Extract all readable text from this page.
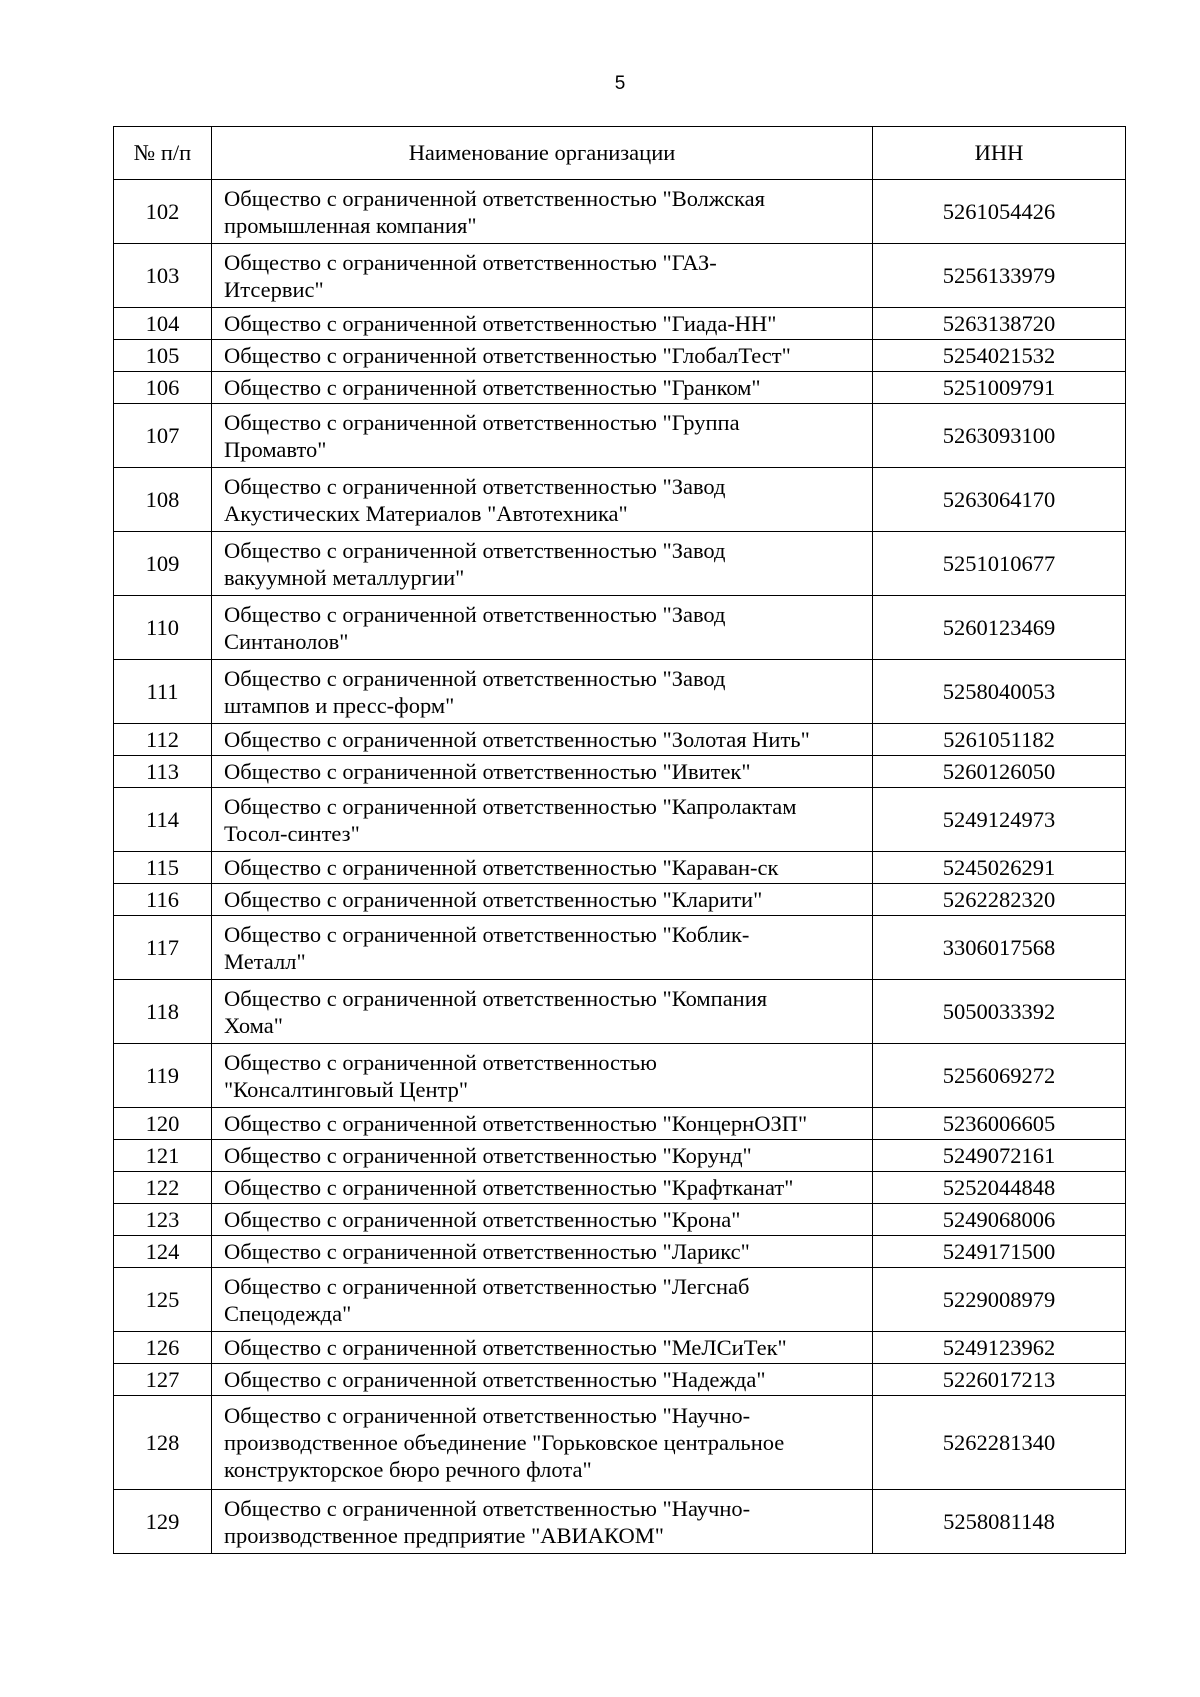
5
№ п/п	Наименование организации	ИНН
102	Общество с ограниченной ответственностью "Волжская
промышленная компания"	5261054426
103	Общество с ограниченной ответственностью "ГАЗ-
Итсервис"	5256133979
104	Общество с ограниченной ответственностью "Гиада-НН"	5263138720
105	Общество с ограниченной ответственностью "ГлобалТест"	5254021532
106	Общество с ограниченной ответственностью "Гранком"	5251009791
107	Общество с ограниченной ответственностью "Группа
Промавто"	5263093100
108	Общество с ограниченной ответственностью "Завод
Акустических Материалов "Автотехника"	5263064170
109	Общество с ограниченной ответственностью "Завод
вакуумной металлургии"	5251010677
110	Общество с ограниченной ответственностью "Завод
Синтанолов"	5260123469
111	Общество с ограниченной ответственностью "Завод
штампов и пресс-форм"	5258040053
112	Общество с ограниченной ответственностью "Золотая Нить"	5261051182
113	Общество с ограниченной ответственностью "Ивитек"	5260126050
114	Общество с ограниченной ответственностью "Капролактам
Тосол-синтез"	5249124973
115	Общество с ограниченной ответственностью "Караван-ск	5245026291
116	Общество с ограниченной ответственностью "Кларити"	5262282320
117	Общество с ограниченной ответственностью "Коблик-
Металл"	3306017568
118	Общество с ограниченной ответственностью "Компания
Хома"	5050033392
119	Общество с ограниченной ответственностью
"Консалтинговый Центр"	5256069272
120	Общество с ограниченной ответственностью "КонцернОЗП"	5236006605
121	Общество с ограниченной ответственностью "Корунд"	5249072161
122	Общество с ограниченной ответственностью "Крафтканат"	5252044848
123	Общество с ограниченной ответственностью "Крона"	5249068006
124	Общество с ограниченной ответственностью "Ларикс"	5249171500
125	Общество с ограниченной ответственностью "Легснаб
Спецодежда"	5229008979
126	Общество с ограниченной ответственностью "МеЛСиТек"	5249123962
127	Общество с ограниченной ответственностью "Надежда"	5226017213
128	Общество с ограниченной ответственностью "Научно-
производственное объединение "Горьковское центральное
конструкторское бюро речного флота"	5262281340
129	Общество с ограниченной ответственностью "Научно-
производственное предприятие "АВИАКОМ"	5258081148
